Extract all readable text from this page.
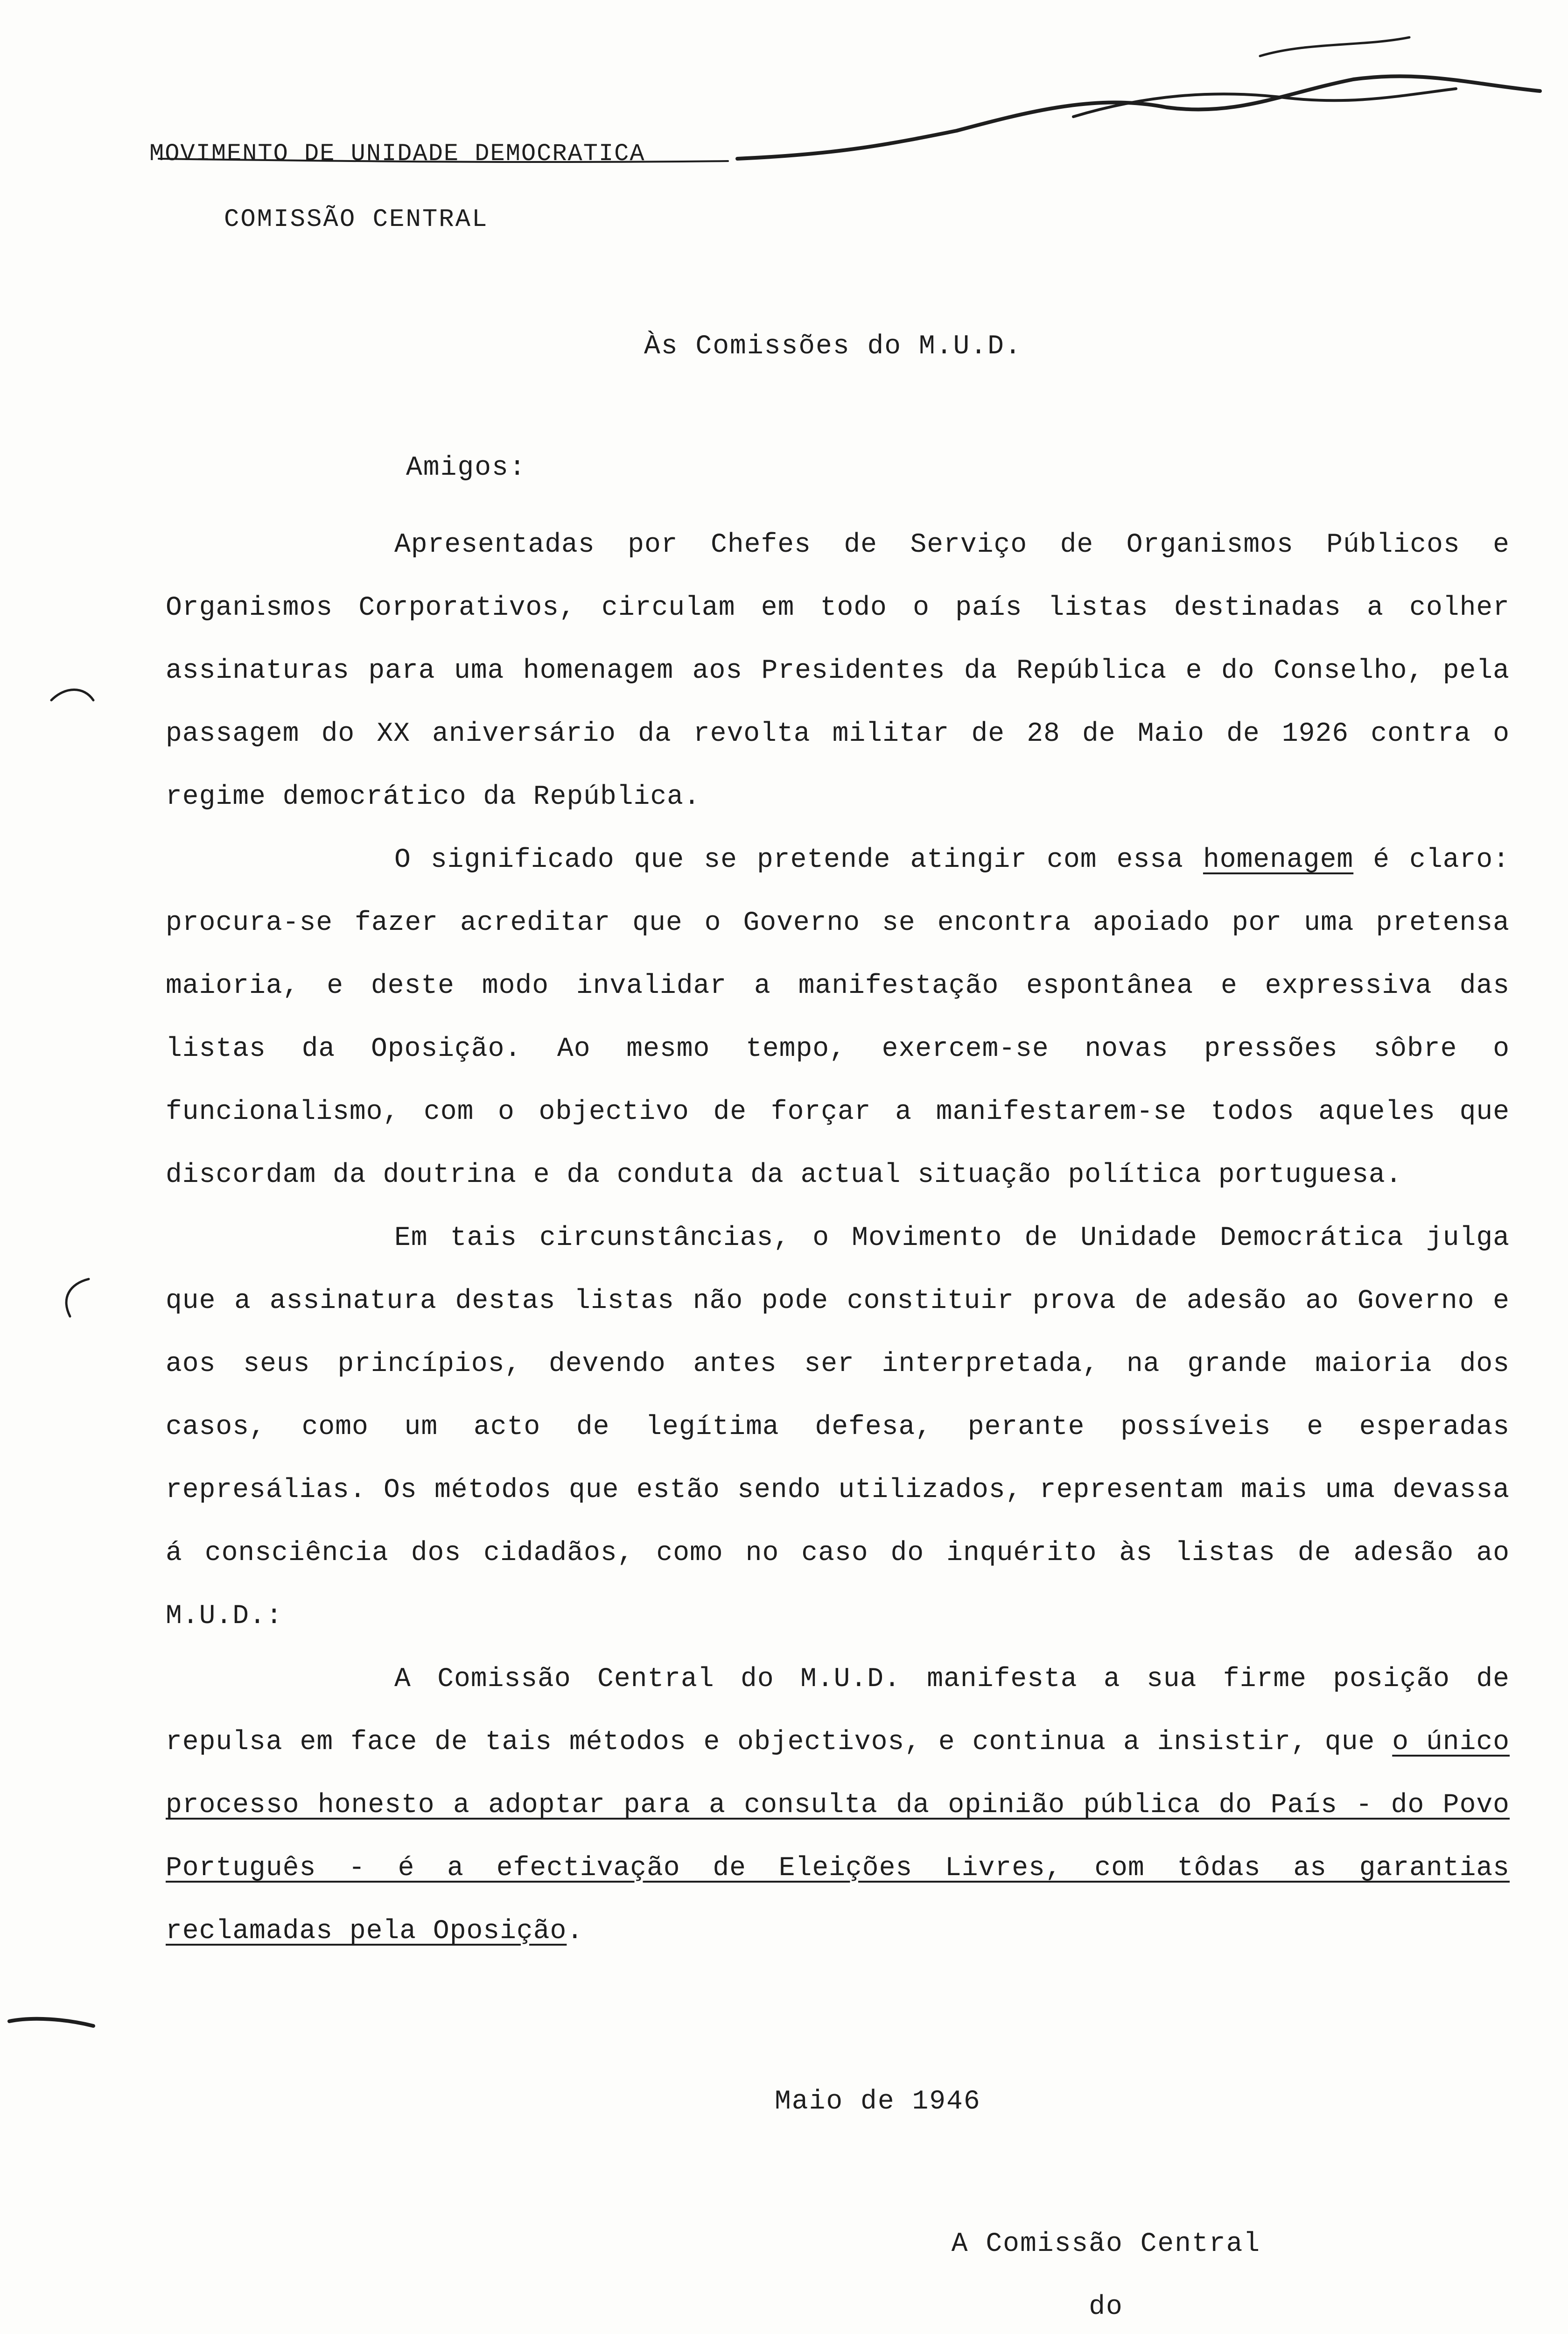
MOVIMENTO DE UNIDADE DEMOCRATICA
COMISSÃO CENTRAL
Às Comissões do M.U.D.
Amigos:

Apresentadas por Chefes de Serviço de Organismos Públicos e Organismos Corporativos, circulam em todo o país listas destinadas a colher assinaturas para uma homenagem aos Presidentes da República e do Conselho, pela passagem do XX aniversário da revolta militar de 28 de Maio de 1926 contra o regime democrático da República.

O significado que se pretende atingir com essa homenagem é claro: procura-se fazer acreditar que o Governo se encontra apoiado por uma pretensa maioria, e deste modo invalidar a manifestação espontânea e expressiva das listas da Oposição. Ao mesmo tempo, exercem-se novas pressões sôbre o funcionalismo, com o objectivo de forçar a manifestarem-se todos aqueles que discordam da doutrina e da conduta da actual situação política portuguesa.

Em tais circunstâncias, o Movimento de Unidade Democrática julga que a assinatura destas listas não pode constituir prova de adesão ao Governo e aos seus princípios, devendo antes ser interpretada, na grande maioria dos casos, como um acto de legítima defesa, perante possíveis e esperadas represálias. Os métodos que estão sendo utilizados, representam mais uma devassa á consciência dos cidadãos, como no caso do inquérito às listas de adesão ao M.U.D.:

A Comissão Central do M.U.D. manifesta a sua firme posição de repulsa em face de tais métodos e objectivos, e continua a insistir, que o único processo honesto a adoptar para a consulta da opinião pública do País - do Povo Português - é a efectivação de Eleições Livres, com tôdas as garantias reclamadas pela Oposição.

Maio de 1946
A Comissão Central
do
